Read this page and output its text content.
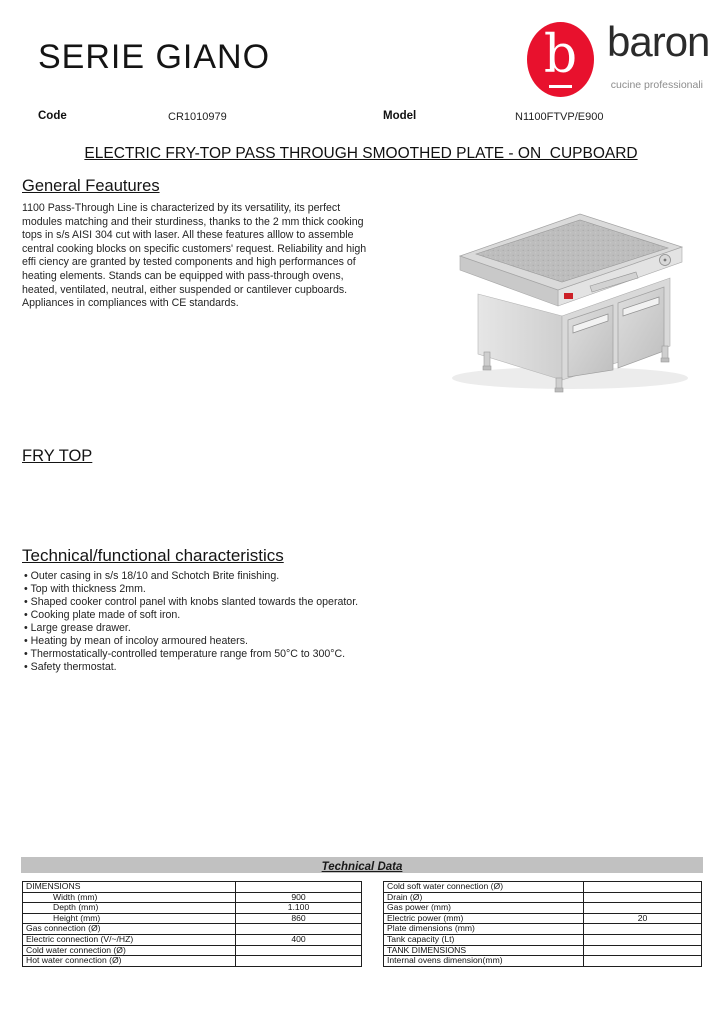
SERIE GIANO	b baron
cucine professionali
Code	CR1010979	Model	N1100FTVP/E900
ELECTRIC FRY-TOP PASS THROUGH SMOOTHED PLATE - ON  CUPBOARD
General Feautures
1100 Pass-Through Line is characterized by its versatility, its perfect modules matching and their sturdiness, thanks to the 2 mm thick cooking tops in s/s AISI 304 cut with laser. All these features alllow to assemble central cooking blocks on specific customers' request. Reliability and high effi ciency are granted by tested components and high performances of heating elements. Stands can be equipped with pass-through ovens, heated, ventilated, neutral, either suspended or cantilever cupboards. Appliances in compliances with CE standards.
FRY TOP
Technical/functional characteristics
• Outer casing in s/s 18/10 and Schotch Brite finishing.
• Top with thickness 2mm.
• Shaped cooker control panel with knobs slanted towards the operator.
• Cooking plate made of soft iron.
• Large grease drawer.
• Heating by mean of incoloy armoured heaters.
• Thermostatically-controlled temperature range from 50°C to 300°C.
• Safety thermostat.
Technical Data
DIMENSIONS	
Width (mm)	900
Depth (mm)	1.100
Height (mm)	860
Gas connection (Ø)	
Electric connection (V/~/HZ)	400
Cold water connection (Ø)	
Hot water connection (Ø)	
Cold soft water connection (Ø)	
Drain (Ø)	
Gas power (mm)	
Electric power (mm)	20
Plate dimensions (mm)	
Tank capacity (Lt)	
TANK DIMENSIONS	
Internal ovens dimension(mm)	
